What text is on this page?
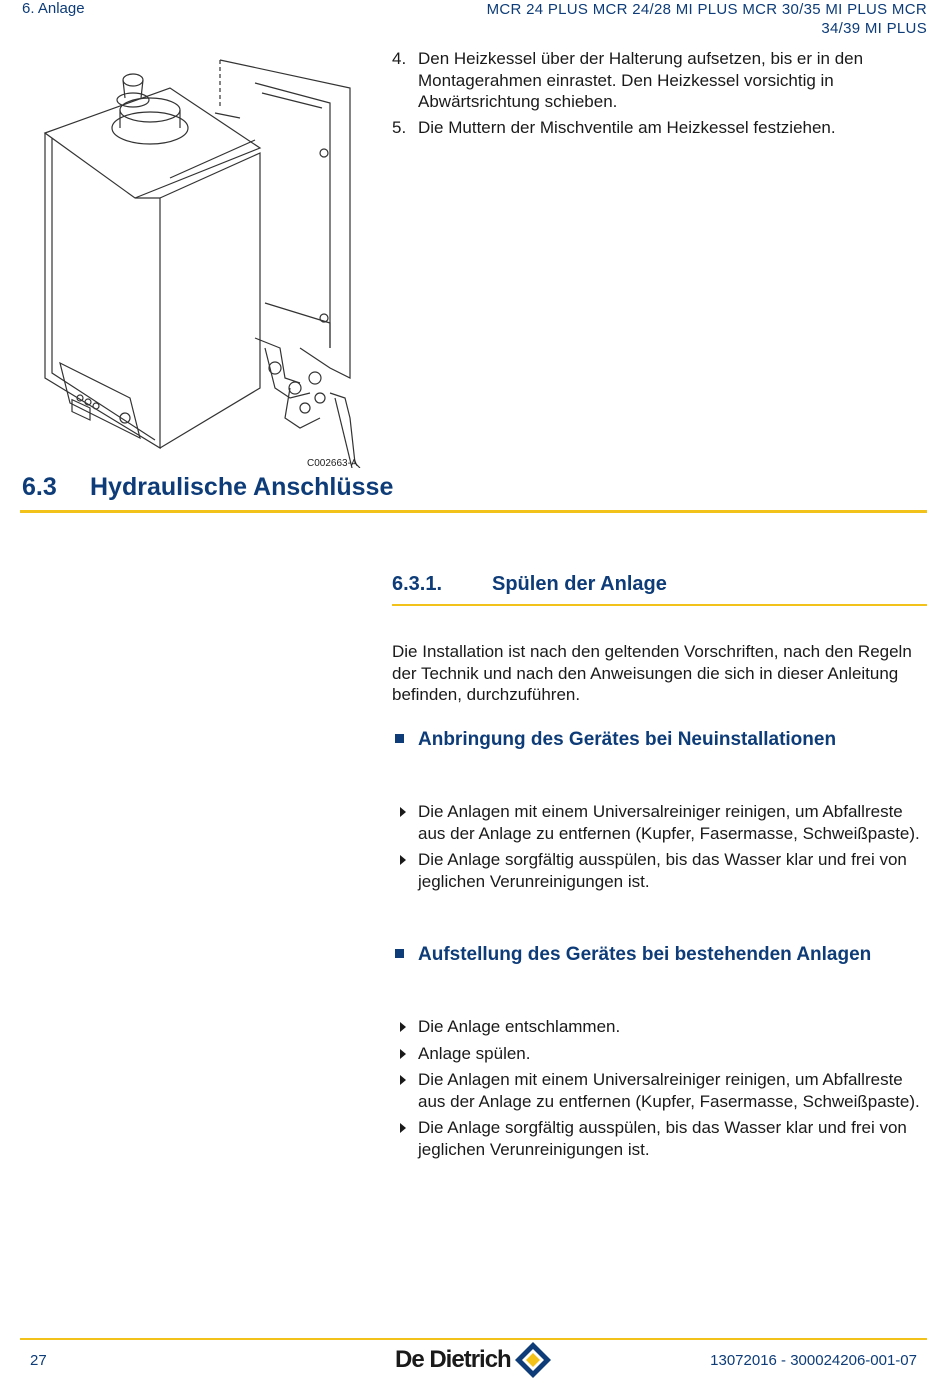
6. Anlage	MCR 24 PLUS MCR 24/28 MI PLUS MCR 30/35 MI PLUS MCR
34/39 MI PLUS
C002663-A
4. Den Heizkessel über der Halterung aufsetzen, bis er in den Montagerahmen einrastet. Den Heizkessel vorsichtig in Abwärtsrichtung schieben.
5. Die Muttern der Mischventile am Heizkessel festziehen.
6.3 Hydraulische Anschlüsse
6.3.1. Spülen der Anlage
Die Installation ist nach den geltenden Vorschriften, nach den Regeln der Technik und nach den Anweisungen die sich in dieser Anleitung befinden, durchzuführen.
Anbringung des Gerätes bei Neuinstallationen
Die Anlagen mit einem Universalreiniger reinigen, um Abfallreste aus der Anlage zu entfernen (Kupfer, Fasermasse, Schweißpaste).
Die Anlage sorgfältig ausspülen, bis das Wasser klar und frei von jeglichen Verunreinigungen ist.
Aufstellung des Gerätes bei bestehenden Anlagen
Die Anlage entschlammen.
Anlage spülen.
Die Anlagen mit einem Universalreiniger reinigen, um Abfallreste aus der Anlage zu entfernen (Kupfer, Fasermasse, Schweißpaste).
Die Anlage sorgfältig ausspülen, bis das Wasser klar und frei von jeglichen Verunreinigungen ist.
27	De Dietrich	13072016 - 300024206-001-07
